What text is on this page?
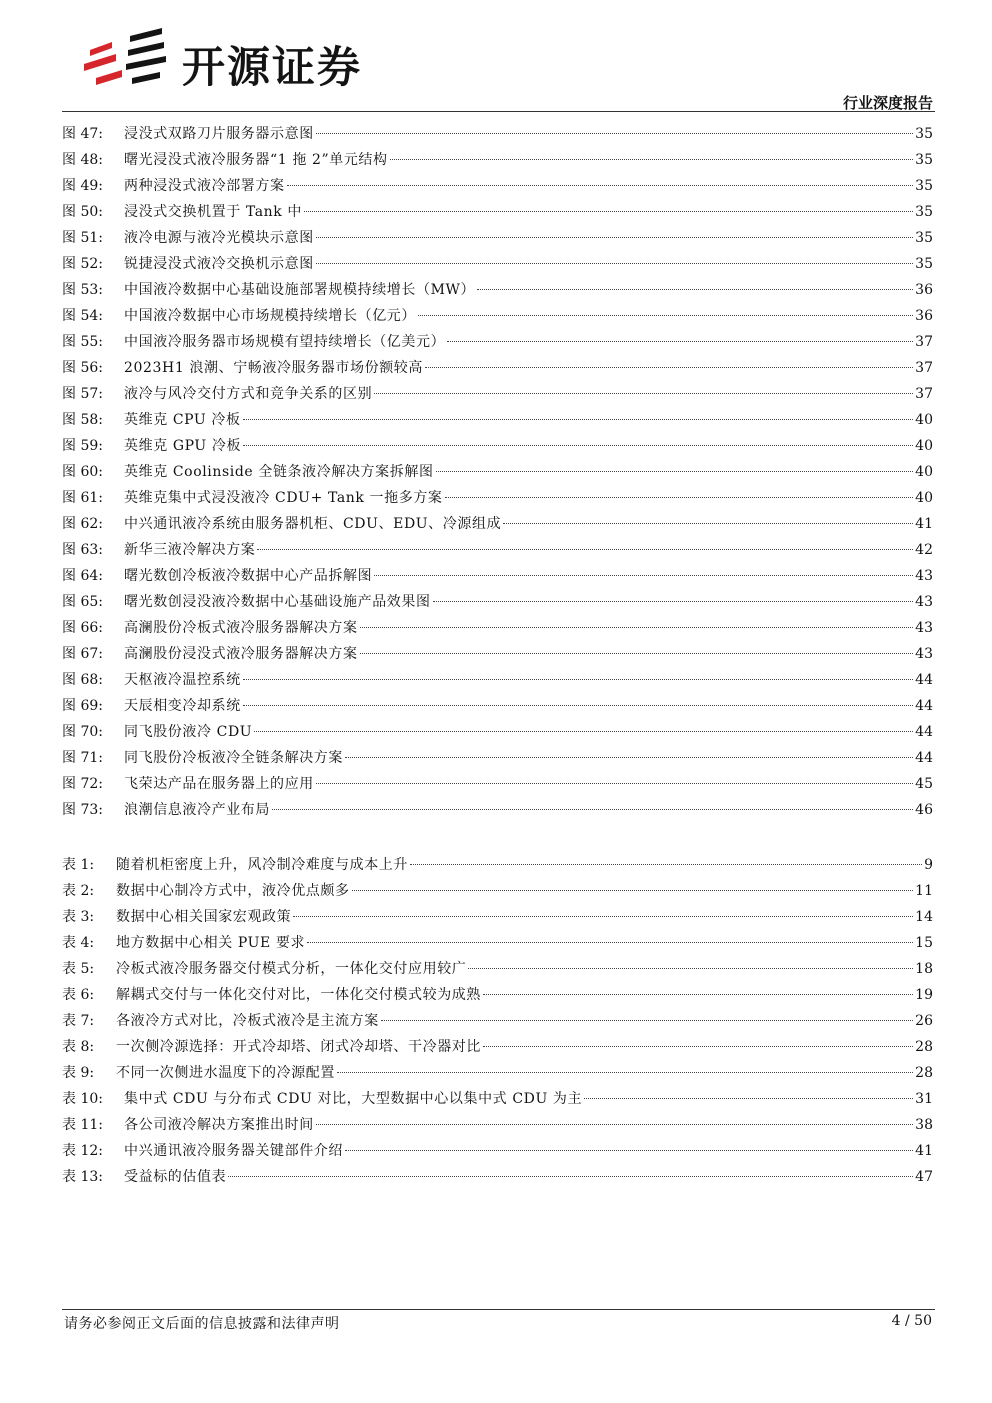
开源证券
行业深度报告
图 47:	浸没式双路刀片服务器示意图	35
图 48:	曙光浸没式液冷服务器“1 拖 2”单元结构	35
图 49:	两种浸没式液冷部署方案	35
图 50:	浸没式交换机置于 Tank 中	35
图 51:	液冷电源与液冷光模块示意图	35
图 52:	锐捷浸没式液冷交换机示意图	35
图 53:	中国液冷数据中心基础设施部署规模持续增长（MW）	36
图 54:	中国液冷数据中心市场规模持续增长（亿元）	36
图 55:	中国液冷服务器市场规模有望持续增长（亿美元）	37
图 56:	2023H1 浪潮、宁畅液冷服务器市场份额较高	37
图 57:	液冷与风冷交付方式和竞争关系的区别	37
图 58:	英维克 CPU 冷板	40
图 59:	英维克 GPU 冷板	40
图 60:	英维克 Coolinside 全链条液冷解决方案拆解图	40
图 61:	英维克集中式浸没液冷 CDU+ Tank 一拖多方案	40
图 62:	中兴通讯液冷系统由服务器机柜、CDU、EDU、冷源组成	41
图 63:	新华三液冷解决方案	42
图 64:	曙光数创冷板液冷数据中心产品拆解图	43
图 65:	曙光数创浸没液冷数据中心基础设施产品效果图	43
图 66:	高澜股份冷板式液冷服务器解决方案	43
图 67:	高澜股份浸没式液冷服务器解决方案	43
图 68:	天枢液冷温控系统	44
图 69:	天辰相变冷却系统	44
图 70:	同飞股份液冷 CDU	44
图 71:	同飞股份冷板液冷全链条解决方案	44
图 72:	飞荣达产品在服务器上的应用	45
图 73:	浪潮信息液冷产业布局	46
表 1:	随着机柜密度上升，风冷制冷难度与成本上升	9
表 2:	数据中心制冷方式中，液冷优点颇多	11
表 3:	数据中心相关国家宏观政策	14
表 4:	地方数据中心相关 PUE 要求	15
表 5:	冷板式液冷服务器交付模式分析，一体化交付应用较广	18
表 6:	解耦式交付与一体化交付对比，一体化交付模式较为成熟	19
表 7:	各液冷方式对比，冷板式液冷是主流方案	26
表 8:	一次侧冷源选择：开式冷却塔、闭式冷却塔、干冷器对比	28
表 9:	不同一次侧进水温度下的冷源配置	28
表 10:	集中式 CDU 与分布式 CDU 对比，大型数据中心以集中式 CDU 为主	31
表 11:	各公司液冷解决方案推出时间	38
表 12:	中兴通讯液冷服务器关键部件介绍	41
表 13:	受益标的估值表	47
请务必参阅正文后面的信息披露和法律声明	4 / 50
